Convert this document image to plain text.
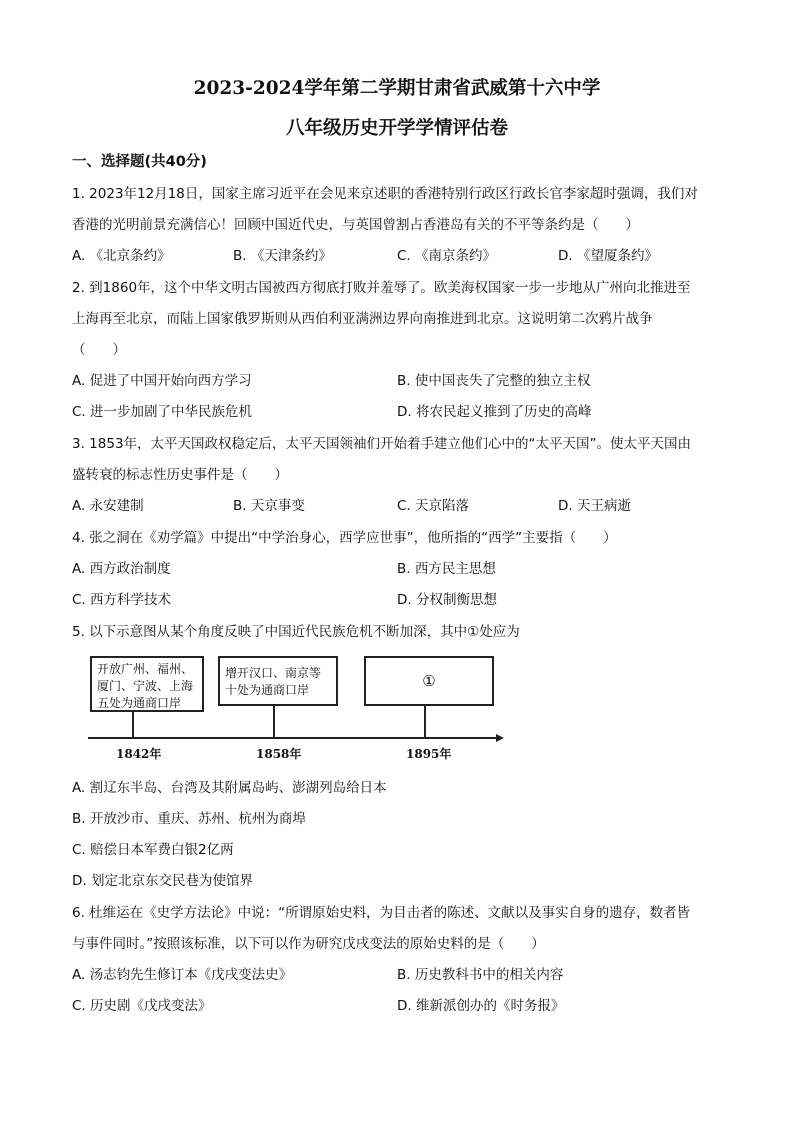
2023-2024学年第二学期甘肃省武威第十六中学
八年级历史开学学情评估卷
一、选择题(共40分)
1. 2023年12月18日，国家主席习近平在会见来京述职的香港特别行政区行政长官李家超时强调，我们对
香港的光明前景充满信心！回顾中国近代史，与英国曾割占香港岛有关的不平等条约是（　　）
A. 《北京条约》	B. 《天津条约》	C. 《南京条约》	D. 《望厦条约》
2. 到1860年，这个中华文明古国被西方彻底打败并羞辱了。欧美海权国家一步一步地从广州向北推进至
上海再至北京，而陆上国家俄罗斯则从西伯利亚满洲边界向南推进到北京。这说明第二次鸦片战争
（　　）
A. 促进了中国开始向西方学习	B. 使中国丧失了完整的独立主权
C. 进一步加剧了中华民族危机	D. 将农民起义推到了历史的高峰
3. 1853年，太平天国政权稳定后，太平天国领袖们开始着手建立他们心中的“太平天国”。使太平天国由
盛转衰的标志性历史事件是（　　）
A. 永安建制	B. 天京事变	C. 天京陷落	D. 天王病逝
4. 张之洞在《劝学篇》中提出“中学治身心，西学应世事”，他所指的“西学”主要指（　　）
A. 西方政治制度	B. 西方民主思想
C. 西方科学技术	D. 分权制衡思想
5. 以下示意图从某个角度反映了中国近代民族危机不断加深，其中①处应为
开放广州、福州、
厦门、宁波、上海
五处为通商口岸
增开汉口、南京等
十处为通商口岸	①
1842年	1858年	1895年
A. 割辽东半岛、台湾及其附属岛屿、澎湖列岛给日本
B. 开放沙市、重庆、苏州、杭州为商埠
C. 赔偿日本军费白银2亿两
D. 划定北京东交民巷为使馆界
6. 杜维运在《史学方法论》中说：“所谓原始史料，为目击者的陈述、文献以及事实自身的遗存，数者皆
与事件同时。”按照该标准，以下可以作为研究戊戌变法的原始史料的是（　　）
A. 汤志钧先生修订本《戊戌变法史》	B. 历史教科书中的相关内容
C. 历史剧《戊戌变法》	D. 维新派创办的《时务报》
